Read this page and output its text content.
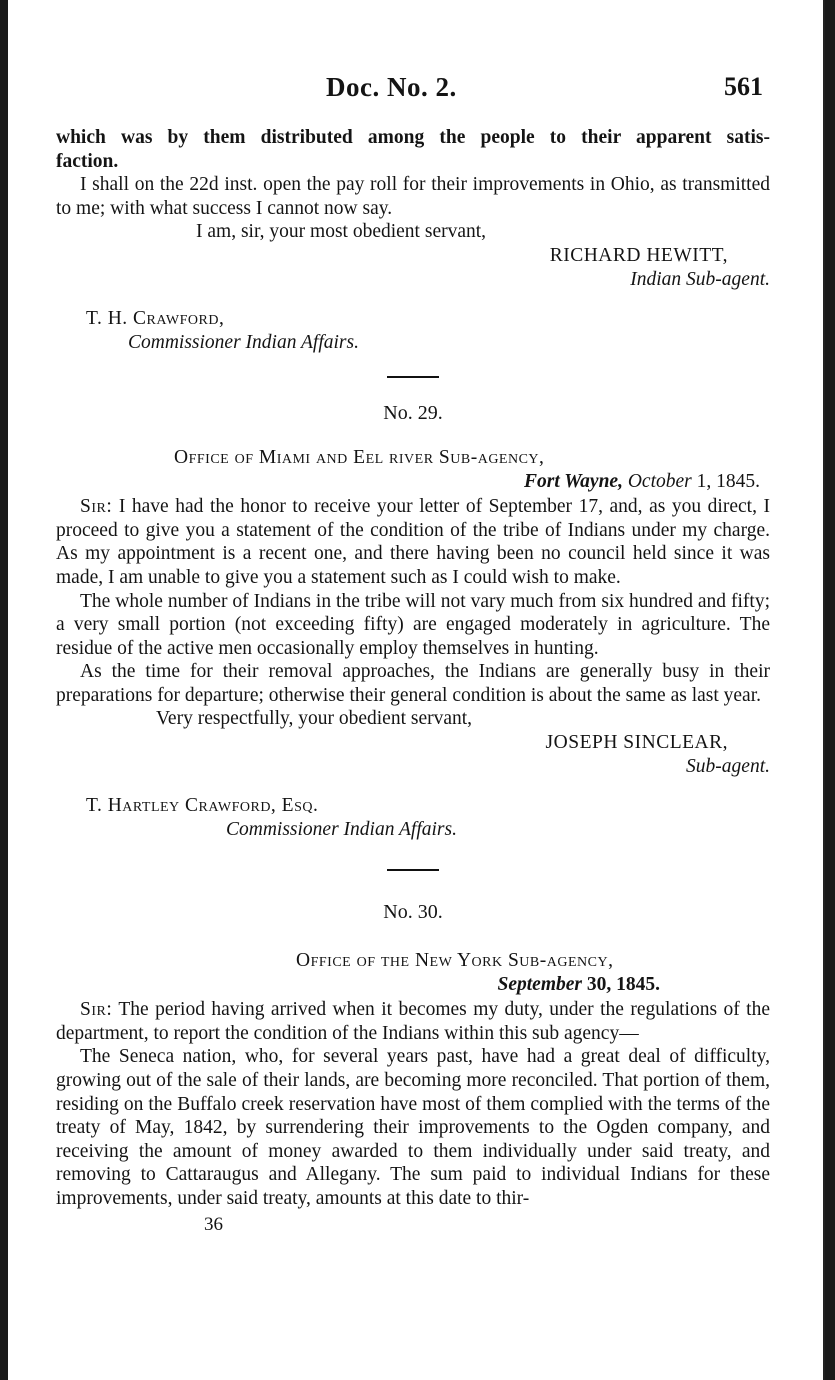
Doc. No. 2.	561

which was by them distributed among the people to their apparent satis-

faction.

I shall on the 22d inst. open the pay roll for their improvements in Ohio, as transmitted to me; with what success I cannot now say.

I am, sir, your most obedient servant,

RICHARD HEWITT,

Indian Sub-agent.

T. H. Crawford,

Commissioner Indian Affairs.

No. 29.

Office of Miami and Eel river Sub-agency,

Fort Wayne, October 1, 1845.

Sir: I have had the honor to receive your letter of September 17, and, as you direct, I proceed to give you a statement of the condition of the tribe of Indians under my charge. As my appointment is a recent one, and there having been no council held since it was made, I am unable to give you a statement such as I could wish to make.

The whole number of Indians in the tribe will not vary much from six hundred and fifty; a very small portion (not exceeding fifty) are engaged moderately in agriculture. The residue of the active men occasionally employ themselves in hunting.

As the time for their removal approaches, the Indians are generally busy in their preparations for departure; otherwise their general condition is about the same as last year.

Very respectfully, your obedient servant,

JOSEPH SINCLEAR,

Sub-agent.

T. Hartley Crawford, Esq.

Commissioner Indian Affairs.

No. 30.

Office of the New York Sub-agency,

September 30, 1845.

Sir: The period having arrived when it becomes my duty, under the regulations of the department, to report the condition of the Indians within this sub agency—

The Seneca nation, who, for several years past, have had a great deal of difficulty, growing out of the sale of their lands, are becoming more reconciled. That portion of them, residing on the Buffalo creek reservation have most of them complied with the terms of the treaty of May, 1842, by surrendering their improvements to the Ogden company, and receiving the amount of money awarded to them individually under said treaty, and removing to Cattaraugus and Allegany. The sum paid to individual Indians for these improvements, under said treaty, amounts at this date to thir-

36
